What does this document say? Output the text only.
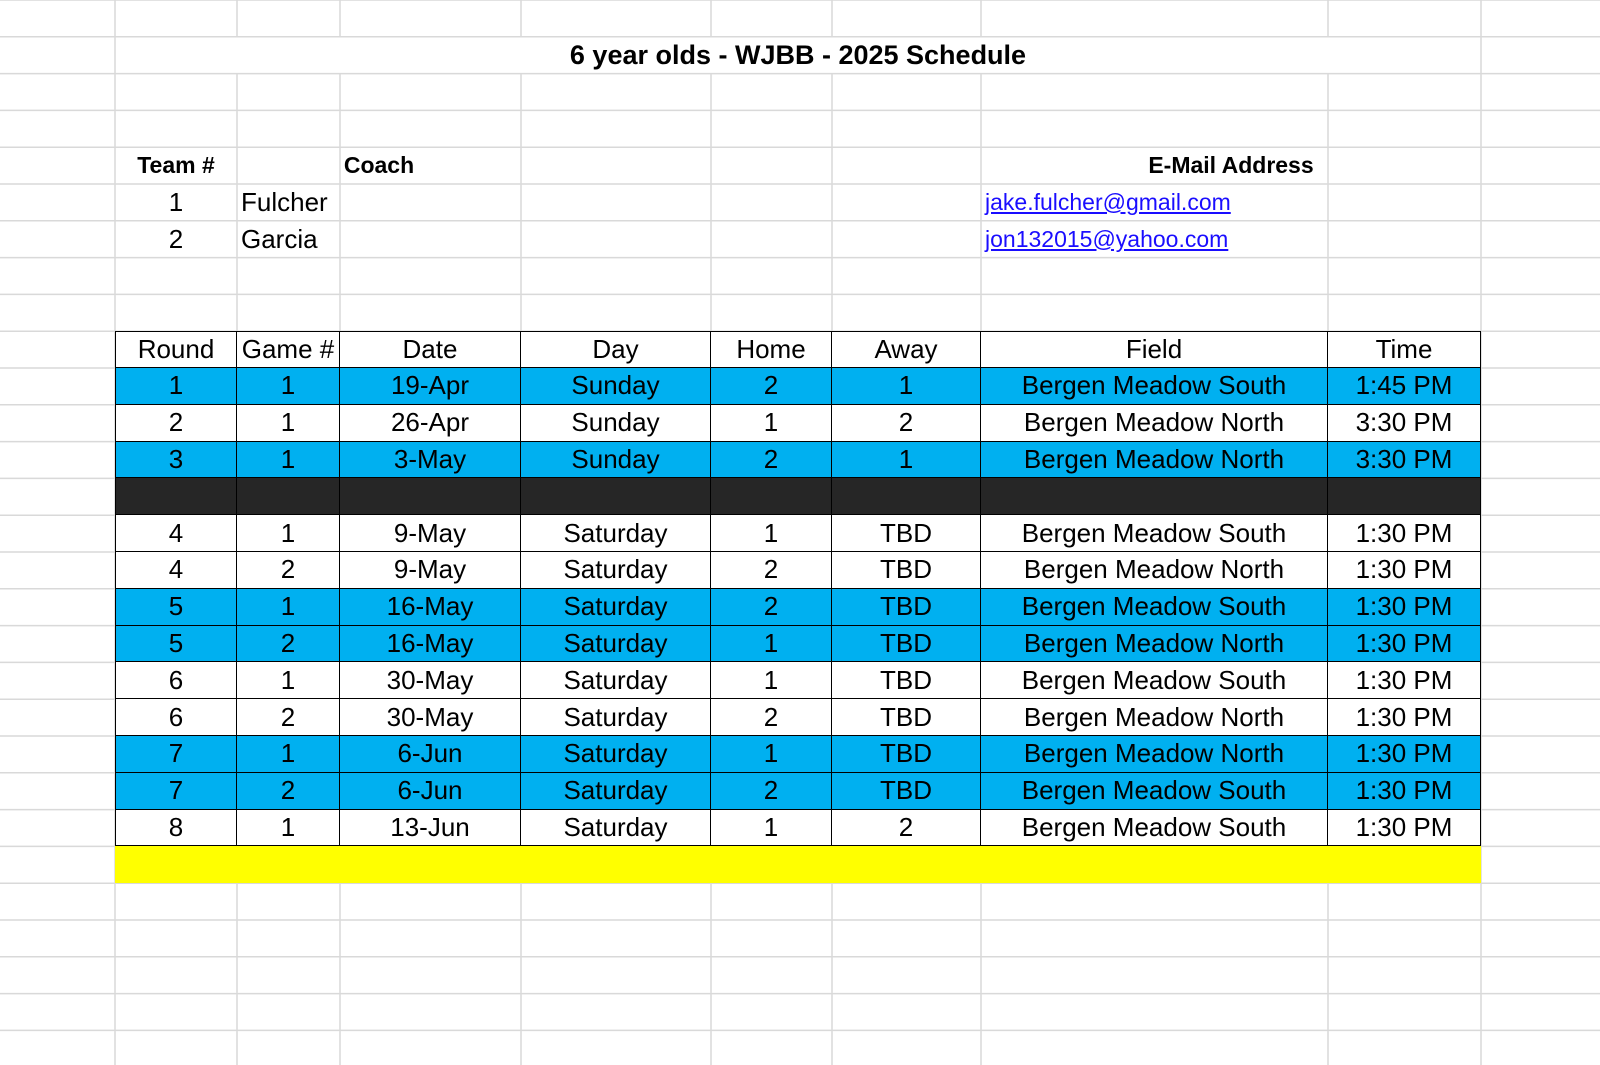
6 year olds - WJBB - 2025 Schedule
Team #	Coach	E-Mail Address
1	Fulcher	jake.fulcher@gmail.com
2	Garcia	jon132015@yahoo.com
Round	Game #	Date	Day	Home	Away	Field	Time
1	1	19-Apr	Sunday	2	1	Bergen Meadow South	1:45 PM
2	1	26-Apr	Sunday	1	2	Bergen Meadow North	3:30 PM
3	1	3-May	Sunday	2	1	Bergen Meadow North	3:30 PM
4	1	9-May	Saturday	1	TBD	Bergen Meadow South	1:30 PM
4	2	9-May	Saturday	2	TBD	Bergen Meadow North	1:30 PM
5	1	16-May	Saturday	2	TBD	Bergen Meadow South	1:30 PM
5	2	16-May	Saturday	1	TBD	Bergen Meadow North	1:30 PM
6	1	30-May	Saturday	1	TBD	Bergen Meadow South	1:30 PM
6	2	30-May	Saturday	2	TBD	Bergen Meadow North	1:30 PM
7	1	6-Jun	Saturday	1	TBD	Bergen Meadow North	1:30 PM
7	2	6-Jun	Saturday	2	TBD	Bergen Meadow South	1:30 PM
8	1	13-Jun	Saturday	1	2	Bergen Meadow South	1:30 PM
